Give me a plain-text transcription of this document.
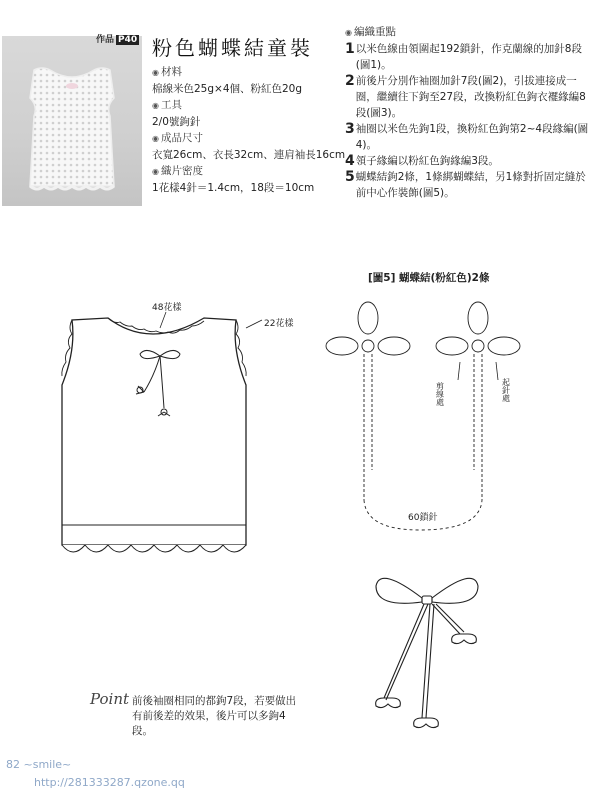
作品 P40 粉色蝴蝶結童裝
◉ 材料
棉線米色25g×4個、粉紅色20g
◉ 工具
2/0號鉤針
◉ 成品尺寸
衣寬26cm、衣長32cm、連肩袖長16cm
◉ 織片密度
1花樣4針＝1.4cm，18段＝10cm
◉ 編織重點
1 以米色線由領圍起192鎖針，作克蘭線的加針8段(圖1)。
2 前後片分別作袖圈加針7段(圖2)，引拔連接成一圈，繼續往下鉤至27段，改換粉紅色鉤衣襬緣編8段(圖3)。
3 袖圈以米色先鉤1段，換粉紅色鉤第2~4段緣編(圖4)。
4 領子緣編以粉紅色鉤緣編3段。
5 蝴蝶結鉤2條，1條綁蝴蝶結，另1條對折固定縫於前中心作裝飾(圖5)。
48花樣
22花樣
[圖5] 蝴蝶結(粉紅色)2條
剪線處	起針處
60鎖針
Point 前後袖圈相同的都鉤7段，若要做出有前後差的效果，後片可以多鉤4段。
82 ~smile~
http://281333287.qzone.qq
